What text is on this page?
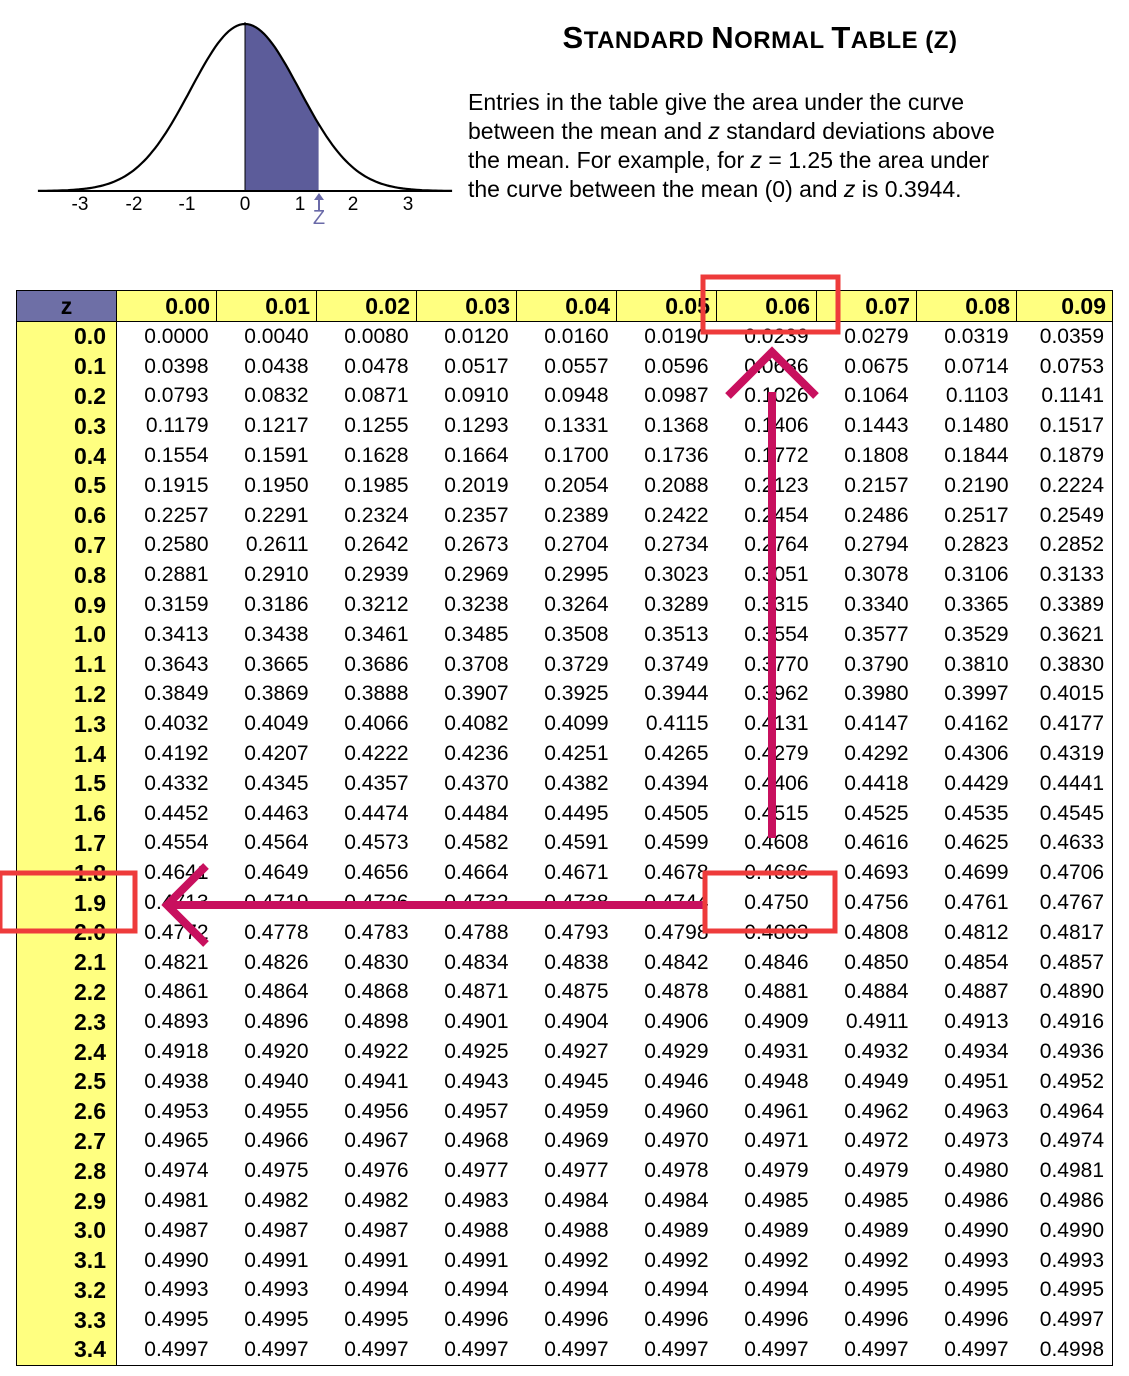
-3 -2 -1 0 1 2 3
Z
STANDARD NORMAL TABLE (Z)
Entries in the table give the area under the curve
between the mean and z standard deviations above
the mean. For example, for z = 1.25 the area under
the curve between the mean (0) and z is 0.3944.
z	0.00	0.01	0.02	0.03	0.04	0.05	0.06	0.07	0.08	0.09
0.0	0.0000	0.0040	0.0080	0.0120	0.0160	0.0190	0.0239	0.0279	0.0319	0.0359
0.1	0.0398	0.0438	0.0478	0.0517	0.0557	0.0596	0.0636	0.0675	0.0714	0.0753
0.2	0.0793	0.0832	0.0871	0.0910	0.0948	0.0987	0.1026	0.1064	0.1103	0.1141
0.3	0.1179	0.1217	0.1255	0.1293	0.1331	0.1368	0.1406	0.1443	0.1480	0.1517
0.4	0.1554	0.1591	0.1628	0.1664	0.1700	0.1736	0.1772	0.1808	0.1844	0.1879
0.5	0.1915	0.1950	0.1985	0.2019	0.2054	0.2088	0.2123	0.2157	0.2190	0.2224
0.6	0.2257	0.2291	0.2324	0.2357	0.2389	0.2422	0.2454	0.2486	0.2517	0.2549
0.7	0.2580	0.2611	0.2642	0.2673	0.2704	0.2734	0.2764	0.2794	0.2823	0.2852
0.8	0.2881	0.2910	0.2939	0.2969	0.2995	0.3023	0.3051	0.3078	0.3106	0.3133
0.9	0.3159	0.3186	0.3212	0.3238	0.3264	0.3289	0.3315	0.3340	0.3365	0.3389
1.0	0.3413	0.3438	0.3461	0.3485	0.3508	0.3513	0.3554	0.3577	0.3529	0.3621
1.1	0.3643	0.3665	0.3686	0.3708	0.3729	0.3749	0.3770	0.3790	0.3810	0.3830
1.2	0.3849	0.3869	0.3888	0.3907	0.3925	0.3944	0.3962	0.3980	0.3997	0.4015
1.3	0.4032	0.4049	0.4066	0.4082	0.4099	0.4115	0.4131	0.4147	0.4162	0.4177
1.4	0.4192	0.4207	0.4222	0.4236	0.4251	0.4265	0.4279	0.4292	0.4306	0.4319
1.5	0.4332	0.4345	0.4357	0.4370	0.4382	0.4394	0.4406	0.4418	0.4429	0.4441
1.6	0.4452	0.4463	0.4474	0.4484	0.4495	0.4505	0.4515	0.4525	0.4535	0.4545
1.7	0.4554	0.4564	0.4573	0.4582	0.4591	0.4599	0.4608	0.4616	0.4625	0.4633
1.8	0.4641	0.4649	0.4656	0.4664	0.4671	0.4678	0.4686	0.4693	0.4699	0.4706
1.9	0.4713	0.4719	0.4726	0.4732	0.4738	0.4744	0.4750	0.4756	0.4761	0.4767
2.0	0.4772	0.4778	0.4783	0.4788	0.4793	0.4798	0.4803	0.4808	0.4812	0.4817
2.1	0.4821	0.4826	0.4830	0.4834	0.4838	0.4842	0.4846	0.4850	0.4854	0.4857
2.2	0.4861	0.4864	0.4868	0.4871	0.4875	0.4878	0.4881	0.4884	0.4887	0.4890
2.3	0.4893	0.4896	0.4898	0.4901	0.4904	0.4906	0.4909	0.4911	0.4913	0.4916
2.4	0.4918	0.4920	0.4922	0.4925	0.4927	0.4929	0.4931	0.4932	0.4934	0.4936
2.5	0.4938	0.4940	0.4941	0.4943	0.4945	0.4946	0.4948	0.4949	0.4951	0.4952
2.6	0.4953	0.4955	0.4956	0.4957	0.4959	0.4960	0.4961	0.4962	0.4963	0.4964
2.7	0.4965	0.4966	0.4967	0.4968	0.4969	0.4970	0.4971	0.4972	0.4973	0.4974
2.8	0.4974	0.4975	0.4976	0.4977	0.4977	0.4978	0.4979	0.4979	0.4980	0.4981
2.9	0.4981	0.4982	0.4982	0.4983	0.4984	0.4984	0.4985	0.4985	0.4986	0.4986
3.0	0.4987	0.4987	0.4987	0.4988	0.4988	0.4989	0.4989	0.4989	0.4990	0.4990
3.1	0.4990	0.4991	0.4991	0.4991	0.4992	0.4992	0.4992	0.4992	0.4993	0.4993
3.2	0.4993	0.4993	0.4994	0.4994	0.4994	0.4994	0.4994	0.4995	0.4995	0.4995
3.3	0.4995	0.4995	0.4995	0.4996	0.4996	0.4996	0.4996	0.4996	0.4996	0.4997
3.4	0.4997	0.4997	0.4997	0.4997	0.4997	0.4997	0.4997	0.4997	0.4997	0.4998
